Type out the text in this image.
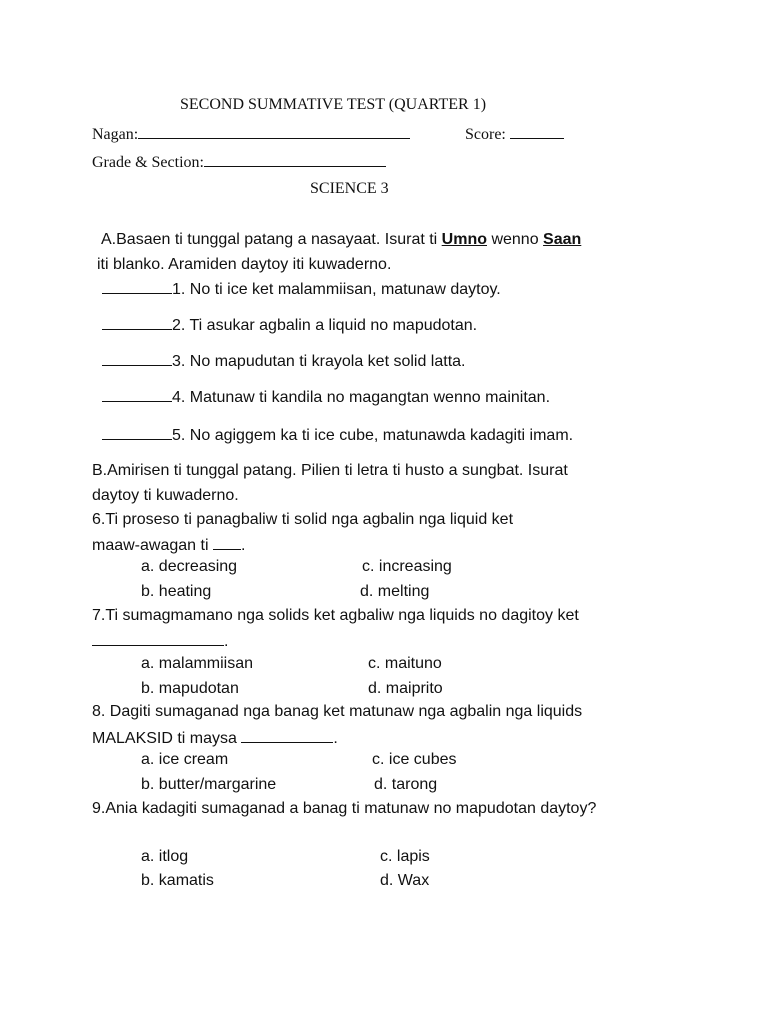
SECOND SUMMATIVE TEST (QUARTER 1)
Nagan:	Score:
Grade & Section:
SCIENCE 3
A.Basaen ti tunggal patang a nasayaat. Isurat ti Umno wenno Saan
iti blanko. Aramiden daytoy iti kuwaderno.
1. No ti ice ket malammiisan, matunaw daytoy.
2. Ti asukar agbalin a liquid no mapudotan.
3. No mapudutan ti krayola ket solid latta.
4. Matunaw ti kandila no magangtan wenno mainitan.
5. No agiggem ka ti ice cube, matunawda kadagiti imam.
B.Amirisen ti tunggal patang. Pilien ti letra ti husto a sungbat. Isurat
daytoy ti kuwaderno.
6.Ti proseso ti panagbaliw ti solid nga agbalin nga liquid ket
maaw-awagan ti .
a. decreasing	c. increasing
b. heating	d. melting
7.Ti sumagmamano nga solids ket agbaliw nga liquids no dagitoy ket
.
a. malammiisan	c. maituno
b. mapudotan	d. maiprito
8. Dagiti sumaganad nga banag ket matunaw nga agbalin nga liquids
MALAKSID ti maysa	.
a. ice cream	c. ice cubes
b. butter/margarine	d. tarong
9.Ania kadagiti sumaganad a banag ti matunaw no mapudotan daytoy?
a. itlog	c. lapis
b. kamatis	d. Wax
